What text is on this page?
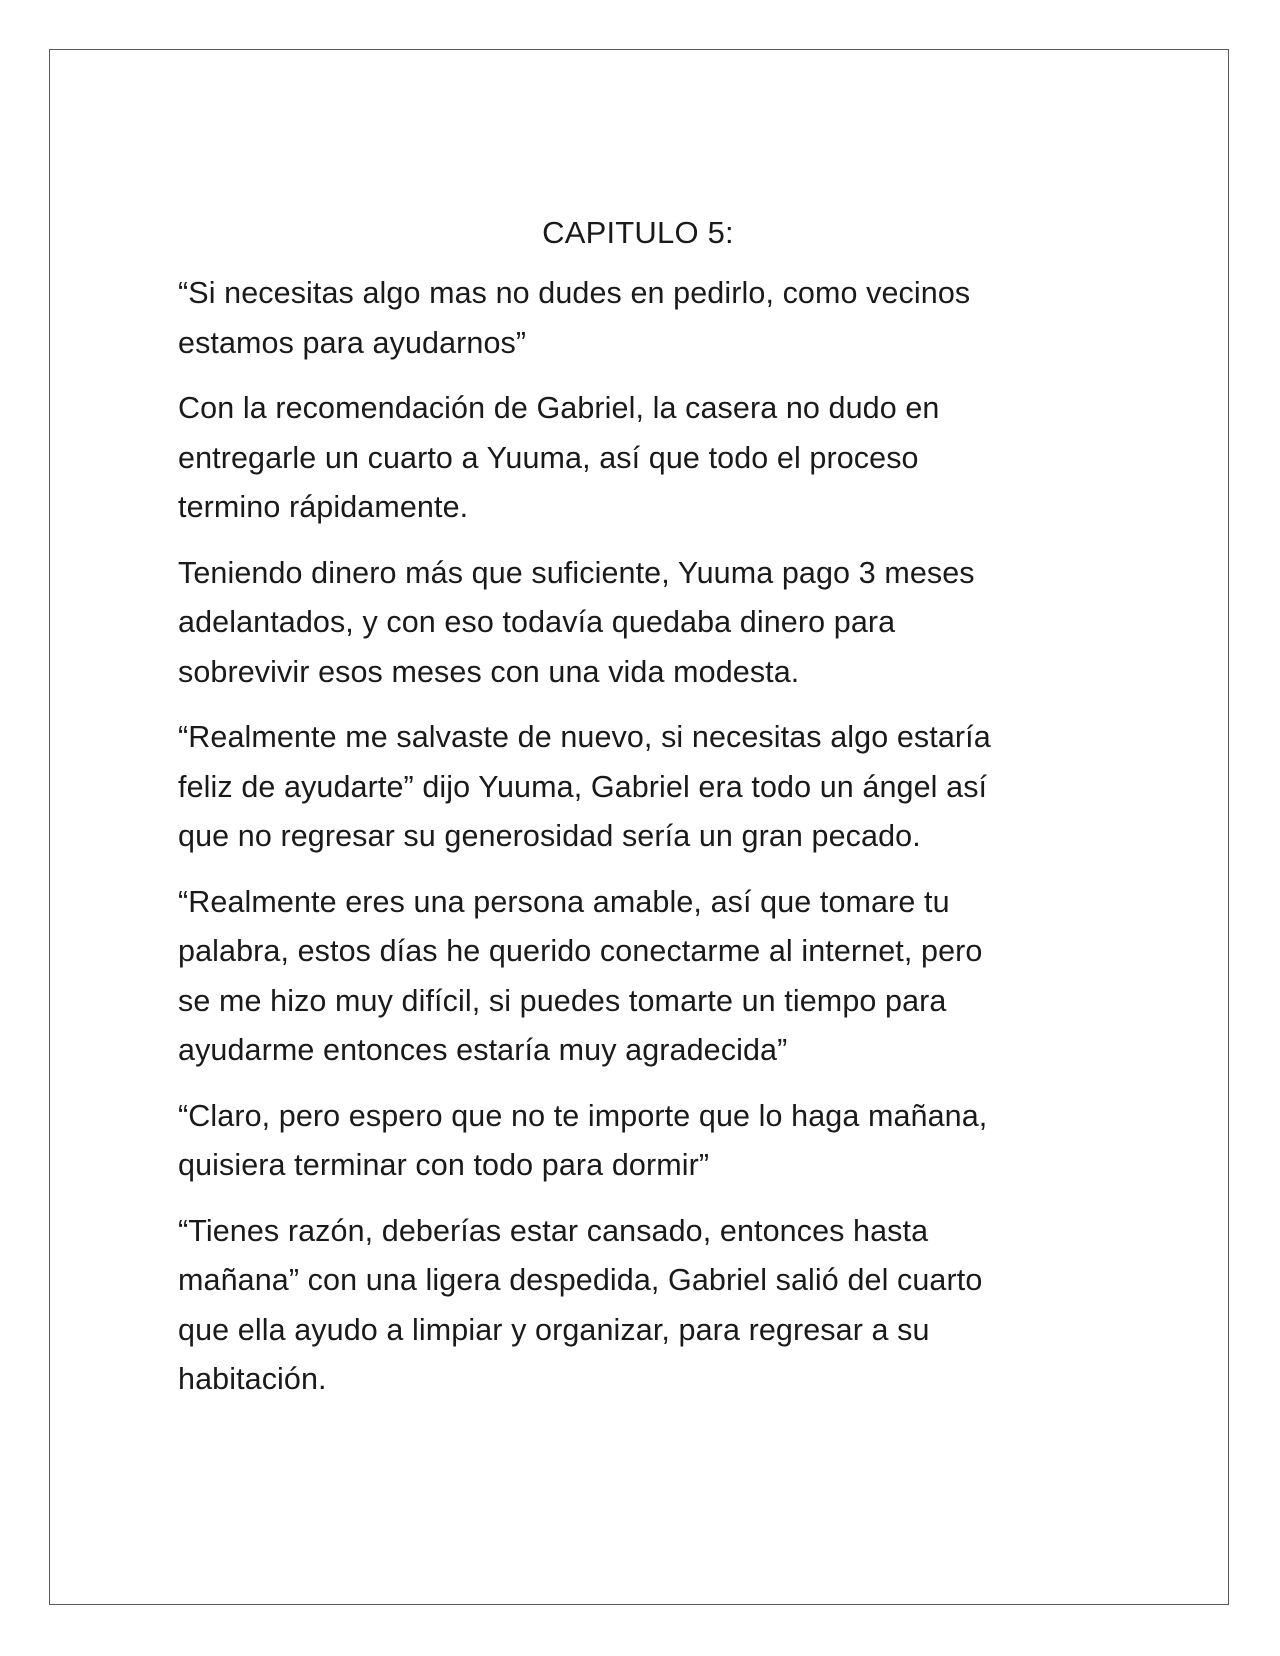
CAPITULO 5:

“Si necesitas algo mas no dudes en pedirlo, como vecinos
estamos para ayudarnos”

Con la recomendación de Gabriel, la casera no dudo en
entregarle un cuarto a Yuuma, así que todo el proceso
termino rápidamente.

Teniendo dinero más que suficiente, Yuuma pago 3 meses
adelantados, y con eso todavía quedaba dinero para
sobrevivir esos meses con una vida modesta.

“Realmente me salvaste de nuevo, si necesitas algo estaría
feliz de ayudarte” dijo Yuuma, Gabriel era todo un ángel así
que no regresar su generosidad sería un gran pecado.

“Realmente eres una persona amable, así que tomare tu
palabra, estos días he querido conectarme al internet, pero
se me hizo muy difícil, si puedes tomarte un tiempo para
ayudarme entonces estaría muy agradecida”

“Claro, pero espero que no te importe que lo haga mañana,
quisiera terminar con todo para dormir”

“Tienes razón, deberías estar cansado, entonces hasta
mañana” con una ligera despedida, Gabriel salió del cuarto
que ella ayudo a limpiar y organizar, para regresar a su
habitación.
